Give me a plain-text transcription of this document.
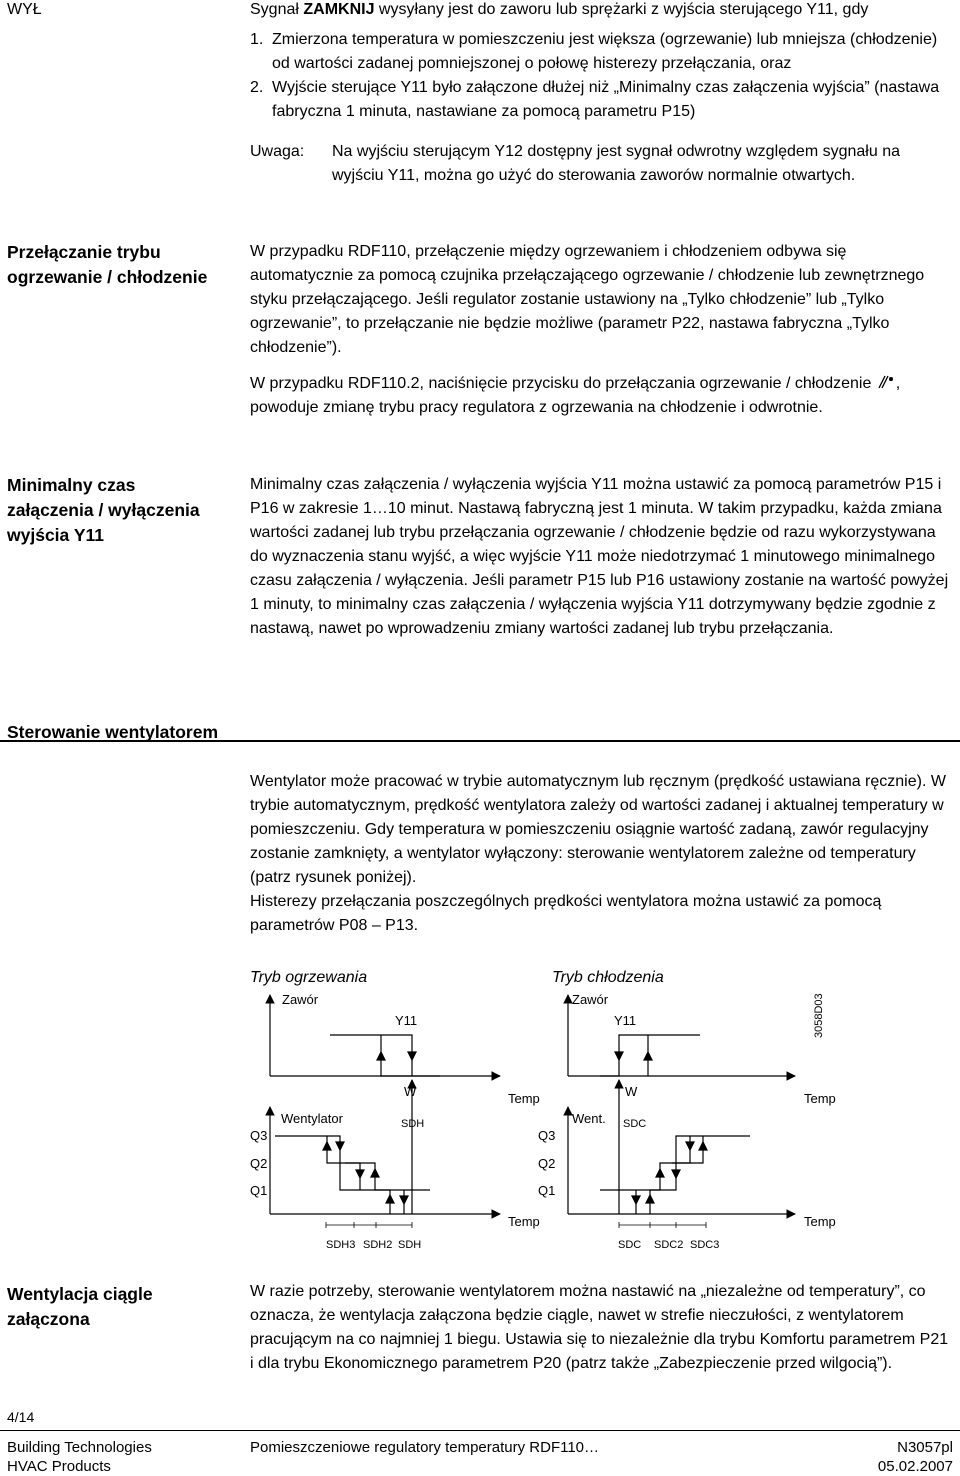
WYŁ	Sygnał ZAMKNIJ wysyłany jest do zaworu lub sprężarki z wyjścia sterującego Y11, gdy

1. Zmierzona temperatura w pomieszczeniu jest większa (ogrzewanie) lub mniejsza (chłodzenie) od wartości zadanej pomniejszonej o połowę histerezy przełączania, oraz

2. Wyjście sterujące Y11 było załączone dłużej niż „Minimalny czas załączenia wyjścia” (nastawa fabryczna 1 minuta, nastawiane za pomocą parametru P15)

Uwaga:	Na wyjściu sterującym Y12 dostępny jest sygnał odwrotny względem sygnału na wyjściu Y11, można go użyć do sterowania zaworów normalnie otwartych.
Przełączanie trybu ogrzewanie / chłodzenie

W przypadku RDF110, przełączenie między ogrzewaniem i chłodzeniem odbywa się automatycznie za pomocą czujnika przełączającego ogrzewanie / chłodzenie lub zewnętrznego styku przełączającego. Jeśli regulator zostanie ustawiony na „Tylko chłodzenie” lub „Tylko ogrzewanie”, to przełączanie nie będzie możliwe (parametr P22, nastawa fabryczna „Tylko chłodzenie”).

W przypadku RDF110.2, naciśnięcie przycisku do przełączania ogrzewanie / chłodzenie , powoduje zmianę trybu pracy regulatora z ogrzewania na chłodzenie i odwrotnie.

Minimalny czas załączenia / wyłączenia wyjścia Y11
Minimalny czas załączenia / wyłączenia wyjścia Y11 można ustawić za pomocą parametrów P15 i P16 w zakresie 1…10 minut. Nastawą fabryczną jest 1 minuta. W takim przypadku, każda zmiana wartości zadanej lub trybu przełączania ogrzewanie / chłodzenie będzie od razu wykorzystywana do wyznaczenia stanu wyjść, a więc wyjście Y11 może niedotrzymać 1 minutowego minimalnego czasu załączenia / wyłączenia. Jeśli parametr P15 lub P16 ustawiony zostanie na wartość powyżej 1 minuty, to minimalny czas załączenia / wyłączenia wyjścia Y11 dotrzymywany będzie zgodnie z nastawą, nawet po wprowadzeniu zmiany wartości zadanej lub trybu przełączania.
Sterowanie wentylatorem

Wentylator może pracować w trybie automatycznym lub ręcznym (prędkość ustawiana ręcznie). W trybie automatycznym, prędkość wentylatora zależy od wartości zadanej i aktualnej temperatury w pomieszczeniu. Gdy temperatura w pomieszczeniu osiągnie wartość zadaną, zawór regulacyjny zostanie zamknięty, a wentylator wyłączony: sterowanie wentylatorem zależne od temperatury (patrz rysunek poniżej).

Histerezy przełączania poszczególnych prędkości wentylatora można ustawić za pomocą parametrów P08 – P13.

Tryb ogrzewania	Tryb chłodzenia
Zawór	Zawór
Y11	Y11	3058D03
W	W
Temp	Temp
Wentylator	Went.
SDH	SDC
Q3	Q3
Q2	Q2
Q1	Q1
Temp	Temp
SDH3 SDH2 SDH	SDC SDC2 SDC3
Wentylacja ciągle załączona
W razie potrzeby, sterowanie wentylatorem można nastawić na „niezależne od temperatury”, co oznacza, że wentylacja załączona będzie ciągle, nawet w strefie nieczułości, z wentylatorem pracującym na co najmniej 1 biegu. Ustawia się to niezależnie dla trybu Komfortu parametrem P21 i dla trybu Ekonomicznego parametrem P20 (patrz także „Zabezpieczenie przed wilgocią”).
4/14
Building Technologies
HVAC Products
Pomieszczeniowe regulatory temperatury RDF110…	N3057pl
05.02.2007
